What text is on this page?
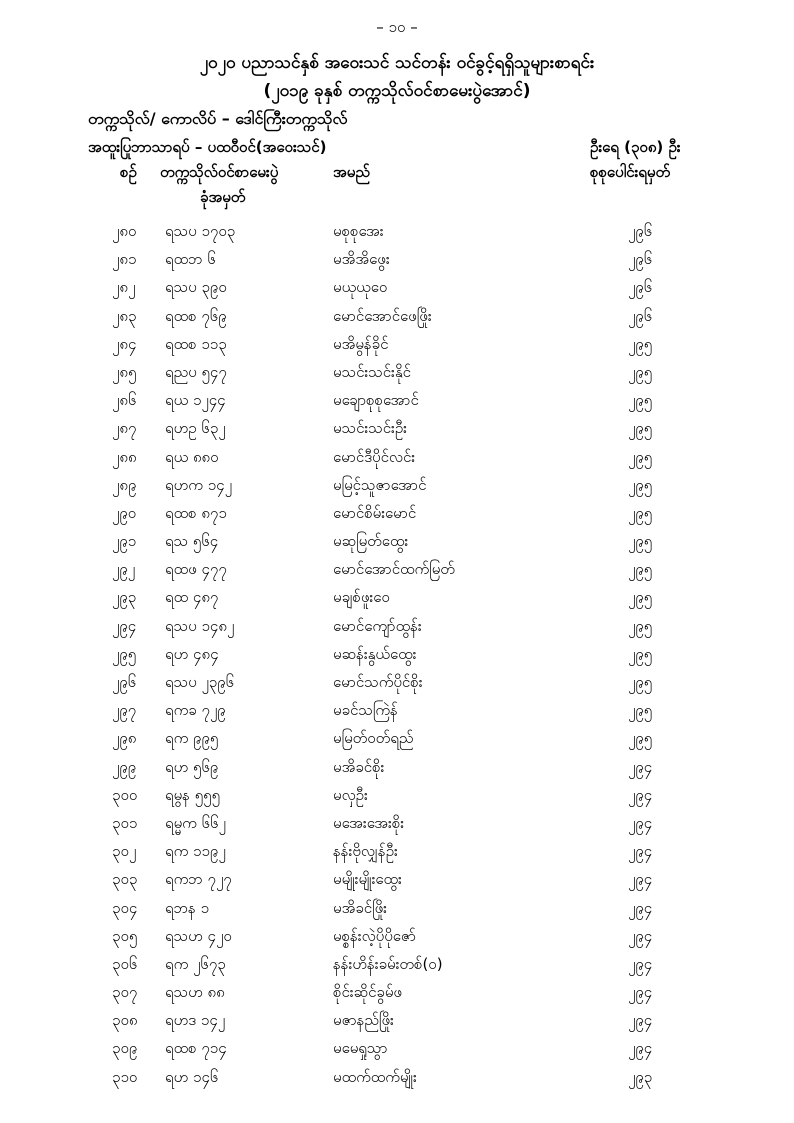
– ၁၀ –
၂၀၂၀ ပညာသင်နှစ် အဝေးသင် သင်တန်း ဝင်ခွင့်ရရှိသူများစာရင်း
(၂၀၁၉ ခုနှစ် တက္ကသိုလ်ဝင်စာမေးပွဲအောင်)
တက္ကသိုလ်/ ကောလိပ် – ဒေါင်ကြီးတက္ကသိုလ်
အထူးပြုဘာသာရပ် – ပထဝီဝင်(အဝေးသင်)	ဦးရေ (၃၀၈) ဦး
စဉ် တက္ကသိုလ်ဝင်စာမေးပွဲ
ခုံအမှတ်
အမည်	စုစုပေါင်းရမှတ်
၂၈၀ ရသပ ၁၇၀၃	မစုစုအေး	၂၉၆
၂၈၁ ရထဘ ၆	မအိအိဖွေး	၂၉၆
၂၈၂ ရသပ ၃၉၀	မယုယုဝေ	၂၉၆
၂၈၃ ရထစ ၇၆၉	မောင်အောင်ဖေဖြိုး	၂၉၆
၂၈၄ ရထစ ၁၁၃	မအိမွန်ခိုင်	၂၉၅
၂၈၅ ရညပ ၅၄၇	မသင်းသင်းနိုင်	၂၉၅
၂၈၆ ရယ ၁၂၄၄	မချောစုစုအောင်	၂၉၅
၂၈၇ ရဟဥ ၆၃၂	မသင်းသင်းဦး	၂၉၅
၂၈၈ ရယ ၈၈၀	မောင်ဒီပိုင်လင်း	၂၉၅
၂၈၉ ရဟက ၁၄၂	မမြင့်သူဇာအောင်	၂၉၅
၂၉၀ ရထစ ၈၇၁	မောင်စိမ်းမောင်	၂၉၅
၂၉၁ ရသ ၅၆၄	မဆုမြတ်ထွေး	၂၉၅
၂၉၂ ရထဖ ၄၇၇	မောင်အောင်ထက်မြတ်	၂၉၅
၂၉၃ ရထ ၄၈၇	မချစ်ဖူးဝေ	၂၉၅
၂၉၄ ရသပ ၁၄၈၂	မောင်ကျော်ထွန်း	၂၉၅
၂၉၅ ရဟ ၄၈၄	မဆန်းနွယ်ထွေး	၂၉၅
၂၉၆ ရသပ ၂၃၉၆	မောင်သက်ပိုင်စိုး	၂၉၅
၂၉၇ ရကခ ၇၂၉	မခင်သကြဲန်	၂၉၅
၂၉၈ ရက ၉၉၅	မမြတ်ဝတ်ရည်	၂၉၅
၂၉၉ ရဟ ၅၆၉	မအိခင်စိုး	၂၉၄
၃၀၀ ရမွန ၅၅၅	မလှဦး	၂၉၄
၃၀၁ ရမ္မက ၆၆၂	မအေးအေးစိုး	၂၉၄
၃၀၂ ရက ၁၁၉၂	နန်းဗိုလျှန်ဦး	၂၉၄
၃၀၃ ရကဘ ၇၂၇	မမျိုးမျိုးထွေး	၂၉၄
၃၀၄ ရဘန ၁	မအိခင်ဖြိုး	၂၉၄
၃၀၅ ရသဟ ၄၂၀	မစ္စန်းလဲ့ပိုပိုဇော်	၂၉၄
၃၀၆ ရက ၂၆၇၃	နန်းဟိန်းခမ်းတစ်(ဝ)	၂၉၄
၃၀၇ ရသဟ ၈၈	စိုင်းဆိုင်ခွမ်ဖ	၂၉၄
၃၀၈ ရဟဒ ၁၄၂	မဇာနည်ဖြိုး	၂၉၄
၃၀၉ ရထစ ၇၁၄	မမေရှုသွာ	၂၉၄
၃၁၀ ရဟ ၁၄၆	မထက်ထက်မျိုး	၂၉၃
